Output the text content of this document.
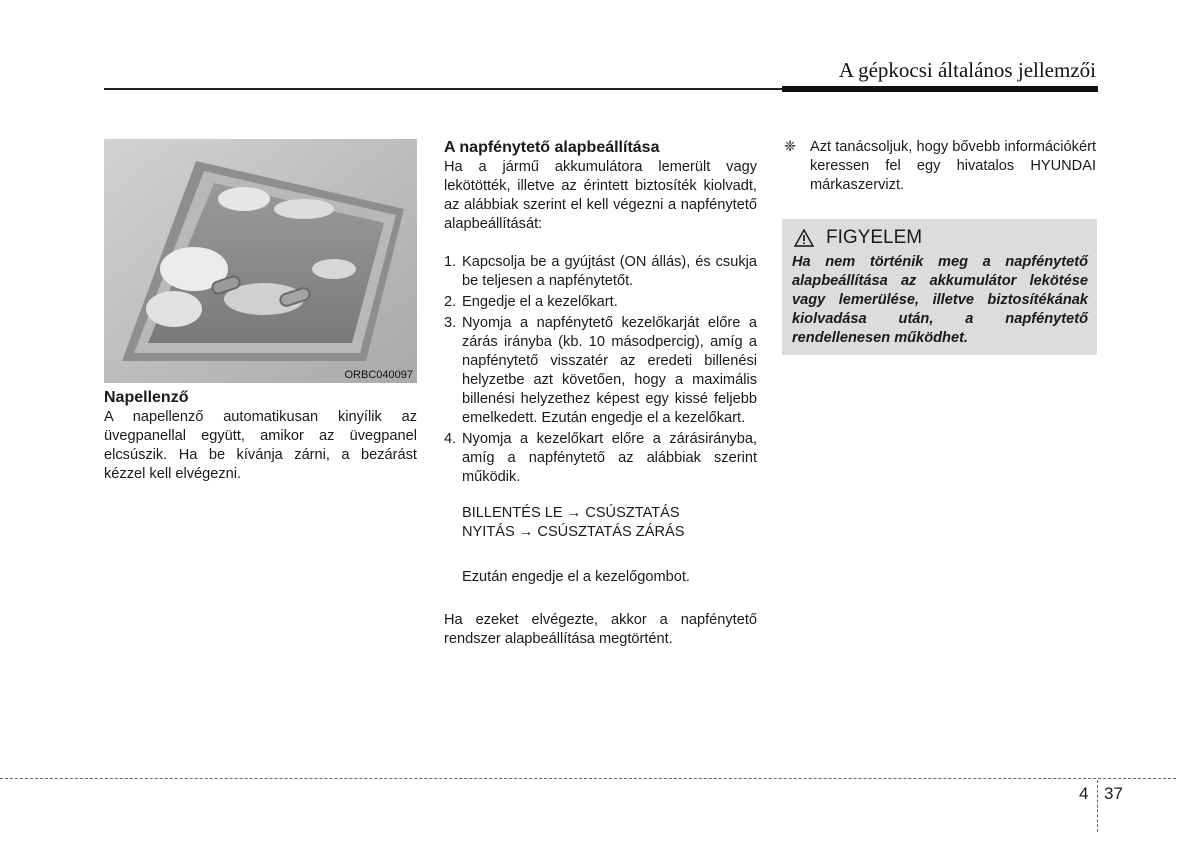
A gépkocsi általános jellemzői
ORBC040097

Napellenző

A napellenző automatikusan kinyílik az üvegpanellal együtt, amikor az üvegpanel elcsúszik. Ha be kívánja zárni, a bezárást kézzel kell elvégezni.

A napfénytető alapbeállítása

Ha a jármű akkumulátora lemerült vagy lekötötték, illetve az érintett biztosíték kiolvadt, az alábbiak szerint el kell végezni a napfénytető alapbeállítását:

1. Kapcsolja be a gyújtást (ON állás), és csukja be teljesen a napfénytetőt.
2. Engedje el a kezelőkart.
3. Nyomja a napfénytető kezelőkarját előre a zárás irányba (kb. 10 másodpercig), amíg a napfénytető visszatér az eredeti billenési helyzetbe azt követően, hogy a maximális billenési helyzethez képest egy kissé feljebb emelkedett. Ezután engedje el a kezelőkart.
4. Nyomja a kezelőkart előre a zárásirányba, amíg a napfénytető az alábbiak szerint működik.

BILLENTÉS LE → CSÚSZTATÁS

NYITÁS → CSÚSZTATÁS ZÁRÁS

Ezután engedje el a kezelőgombot.

Ha ezeket elvégezte, akkor a napfénytető rendszer alapbeállítása megtörtént.

❈ Azt tanácsoljuk, hogy bővebb információkért keressen fel egy hivatalos HYUNDAI márkaszervizt.

FIGYELEM
Ha nem történik meg a napfénytető alapbeállítása az akkumulátor lekötése vagy lemerülése, illetve biztosítékának kiolvadása után, a napfénytető rendellenesen működhet.
4 37
